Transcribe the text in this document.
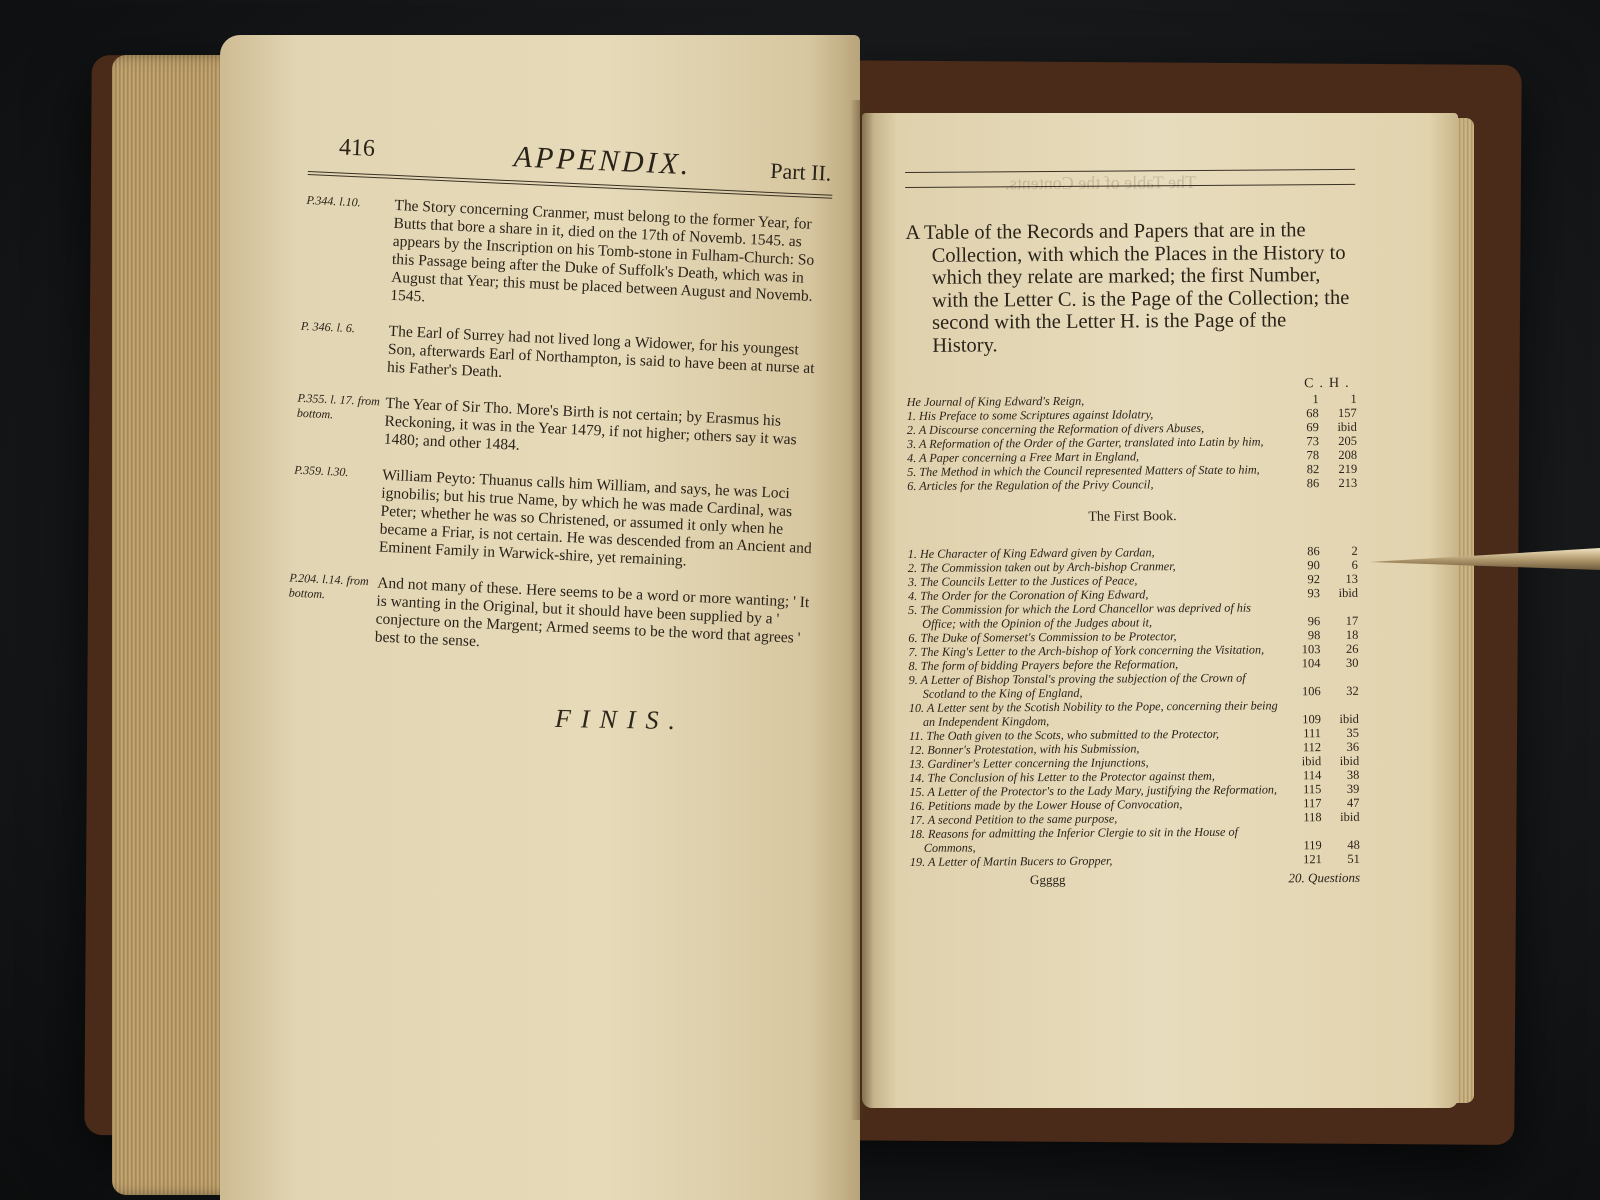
416	APPENDIX.	Part II.
P.344. l.10.	The Story concerning Cranmer, must belong to the former Year, for Butts that bore a share in it, died on the 17th of Novemb. 1545. as appears by the Inscription on his Tomb-stone in Fulham-Church: So this Passage being after the Duke of Suffolk's Death, which was in August that Year; this must be placed between August and Novemb. 1545.
P. 346. l. 6.	The Earl of Surrey had not lived long a Widower, for his youngest Son, afterwards Earl of Northampton, is said to have been at nurse at his Father's Death.
P.355. l. 17. from bottom.	The Year of Sir Tho. More's Birth is not certain; by Erasmus his Reckoning, it was in the Year 1479, if not higher; others say it was 1480; and other 1484.
P.359. l.30.	William Peyto: Thuanus calls him William, and says, he was Loci ignobilis; but his true Name, by which he was made Cardinal, was Peter; whether he was so Christened, or assumed it only when he became a Friar, is not certain. He was descended from an Ancient and Eminent Family in Warwick-shire, yet remaining.
P.204. l.14. from bottom.	And not many of these. Here seems to be a word or more wanting; ' It is wanting in the Original, but it should have been supplied by a ' conjecture on the Margent; Armed seems to be the word that agrees ' best to the sense.
FINIS.
The Table of the Contents.
A Table of the Records and Papers that are in the Collection, with which the Places in the History to which they relate are marked; the first Number, with the Letter C. is the Page of the Collection; the second with the Letter H. is the Page of the History.
C.H.
He Journal of King Edward's Reign,	1	1
1. His Preface to some Scriptures against Idolatry,	68	157
2. A Discourse concerning the Reformation of divers Abuses,	69	ibid
3. A Reformation of the Order of the Garter, translated into Latin by him,	73	205
4. A Paper concerning a Free Mart in England,	78	208
5. The Method in which the Council represented Matters of State to him,	82	219
6. Articles for the Regulation of the Privy Council,	86	213
The First Book.
1. He Character of King Edward given by Cardan,	86	2
2. The Commission taken out by Arch-bishop Cranmer,	90	6
3. The Councils Letter to the Justices of Peace,	92	13
4. The Order for the Coronation of King Edward,	93	ibid
5. The Commission for which the Lord Chancellor was deprived of his Office; with the Opinion of the Judges about it,	96	17
6. The Duke of Somerset's Commission to be Protector,	98	18
7. The King's Letter to the Arch-bishop of York concerning the Visitation,	103	26
8. The form of bidding Prayers before the Reformation,	104	30
9. A Letter of Bishop Tonstal's proving the subjection of the Crown of Scotland to the King of England,	106	32
10. A Letter sent by the Scotish Nobility to the Pope, concerning their being an Independent Kingdom,	109	ibid
11. The Oath given to the Scots, who submitted to the Protector,	111	35
12. Bonner's Protestation, with his Submission,	112	36
13. Gardiner's Letter concerning the Injunctions,	ibid	ibid
14. The Conclusion of his Letter to the Protector against them,	114	38
15. A Letter of the Protector's to the Lady Mary, justifying the Reformation,	115	39
16. Petitions made by the Lower House of Convocation,	117	47
17. A second Petition to the same purpose,	118	ibid
18. Reasons for admitting the Inferior Clergie to sit in the House of Commons,	119	48
19. A Letter of Martin Bucers to Gropper,	121	51
Ggggg	20. Questions
